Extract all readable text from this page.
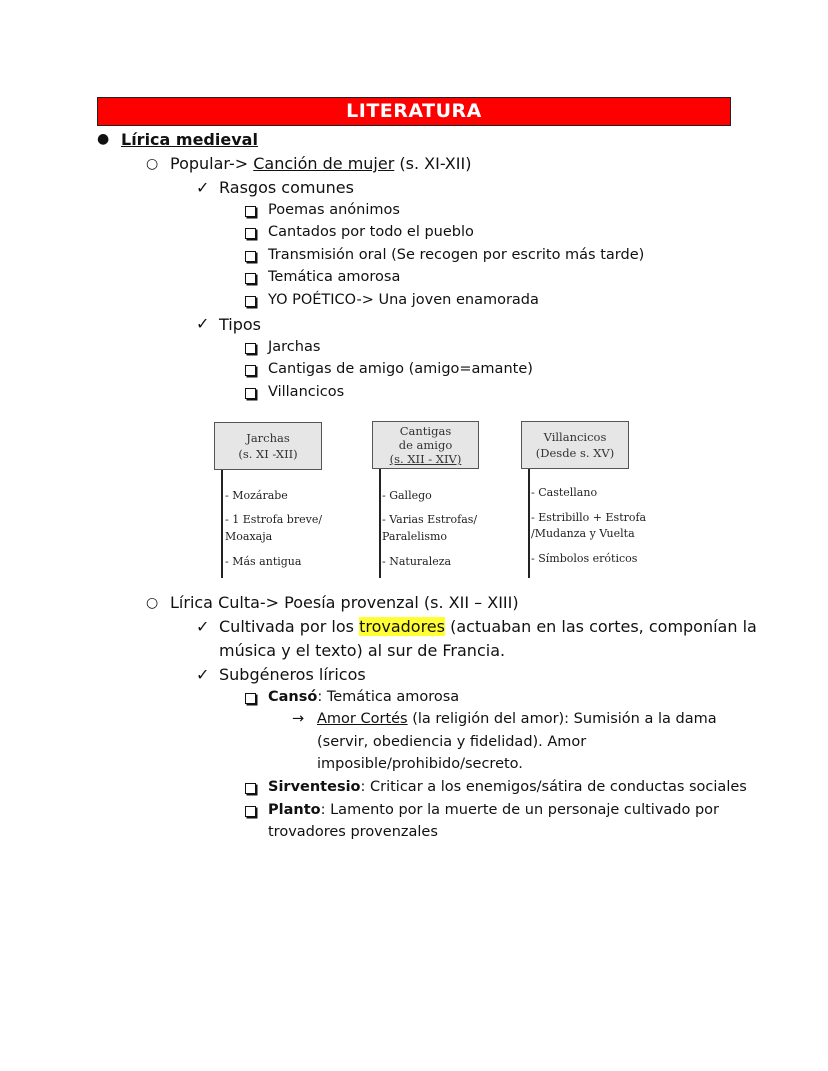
LITERATURA
● Lírica medieval
○ Popular-> Canción de mujer (s. XI-XII)
✓ Rasgos comunes
Poemas anónimos
Cantados por todo el pueblo
Transmisión oral (Se recogen por escrito más tarde)
Temática amorosa
YO POÉTICO-> Una joven enamorada
✓ Tipos
Jarchas
Cantigas de amigo (amigo=amante)
Villancicos
Jarchas
(s. XI -XII)
- Mozárabe
- 1 Estrofa breve/
Moaxaja
- Más antigua
Cantigas
de amigo
(s. XII - XIV)
- Gallego
- Varias Estrofas/
Paralelismo
- Naturaleza
Villancicos
(Desde s. XV)
- Castellano
- Estribillo + Estrofa
/Mudanza y Vuelta
- Símbolos eróticos
○ Lírica Culta-> Poesía provenzal (s. XII – XIII)
✓ Cultivada por los trovadores (actuaban en las cortes, componían la
música y el texto) al sur de Francia.
✓ Subgéneros líricos
Cansó: Temática amorosa
→ Amor Cortés (la religión del amor): Sumisión a la dama
(servir, obediencia y fidelidad). Amor
imposible/prohibido/secreto.
Sirventesio: Criticar a los enemigos/sátira de conductas sociales
Planto: Lamento por la muerte de un personaje cultivado por
trovadores provenzales
